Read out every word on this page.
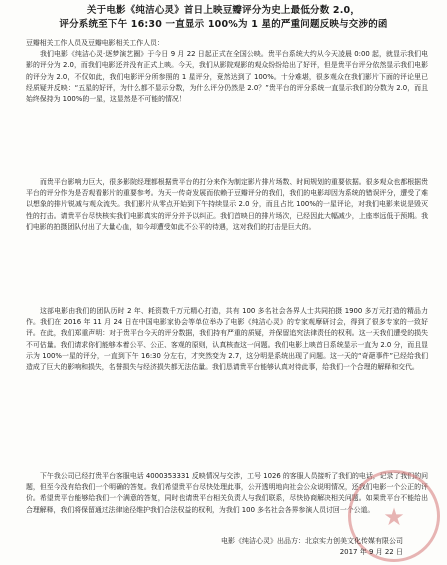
关于电影《纯洁心灵》首日上映豆瓣评分为史上最低分数 2.0，
评分系统至下午 16:30 一直显示 100%为 1 星的严重问题反映与交涉的函

豆瓣相关工作人员及豆瓣电影相关工作人员：

我们电影《纯洁心灵·逐梦演艺圈》于今日 9 月 22 日起正式在全国公映。贵平台系统大约从今天凌晨 0:00 起，就显示我们电影的评分为 2.0，而我们电影还并没有正式上映。今天，我们从影院观影的观众纷纷给出了好评，但是贵平台评分依然显示我们电影的评分为 2.0，不仅如此，我们电影评分所参照的 1 星评分，竟然达到了 100%。十分难堪，很多观众在我们影片下面的评论里已经质疑并反映：“五星的好评，为什么都不显示分数，为什么评分仍然是 2.0？”贵平台的评分系统一直显示我们的分数为 2.0，而且始终保持为 100%的一星，这显然是不可能的情况！

而贵平台影响力巨大，很多影院经理都根据贵平台的打分来作为制定影片排片场数、时间规划的重要依据。很多观众也都根据贵平台的评分作为是否观看影片的重要参考。为天一传奇发展而依赖于豆瓣评分的我们，我们的电影却因为系统的错误评分，遭受了难以想象的排片锐减与观众流失。我们影片从零点开始到下午持续显示 2.0 分，而且占比 100%的一星评论，对我们电影来说是毁灭性的打击。请贵平台尽快核实我们电影真实的评分并予以纠正。我们首映日的排片场次，已经因此大幅减少，上座率远低于预期。我们电影的拍摄团队付出了大量心血，如今却遭受如此不公平的待遇，这对我们的打击是巨大的。

这部电影由我们的团队历时 2 年、耗资数千万元精心打造，共有 100 多名社会各界人士共同拍摄 1900 多万元打造的精品力作。我们在 2016 年 11 月 24 日在中国电影家协会等单位举办了电影《纯洁心灵》的专家观摩研讨会，得到了很多专家的一致好评。在此，我们郑重声明：对于贵平台今天的评分数据，我们持有严重的质疑，并保留追究法律责任的权利。这一天我们遭受的损失不可估量。我们请求你们能够本着公平、公正、客观的原则，认真核查这一问题。我们电影上映首日系统显示一直为 2.0 分，而且显示为 100%一星的评分，一直到下午 16:30 分左右，才突然变为 2.7，这分明是系统出现了问题。这一天的“奇葩事件”已经给我们造成了巨大的影响和损失，名誉损失与经济损失都无法估量。我们恳请贵平台能够认真对待此事，给我们一个合理的解释和交代。

下午我公司已经打贵平台客服电话 4000353331 反映情况与交涉，工号 1026 的客服人员接听了我们的电话，记录了我们的问题，但至今没有给我们一个明确的答复。我们希望贵平台尽快处理此事，公开透明地向社会公众说明情况，还我们电影一个公正的评价。希望贵平台能够给我们一个满意的答复，同时也请贵平台相关负责人与我们联系，尽快协商解决相关问题。如果贵平台不能给出合理解释，我们将保留通过法律途径维护我们合法权益的权利，为我们 100 多名社会各界参演人员讨回一个公道。 ★
电影《纯洁心灵》出品方：北京实力创美文化传媒有限公司
2017 年 9 月 22 日
